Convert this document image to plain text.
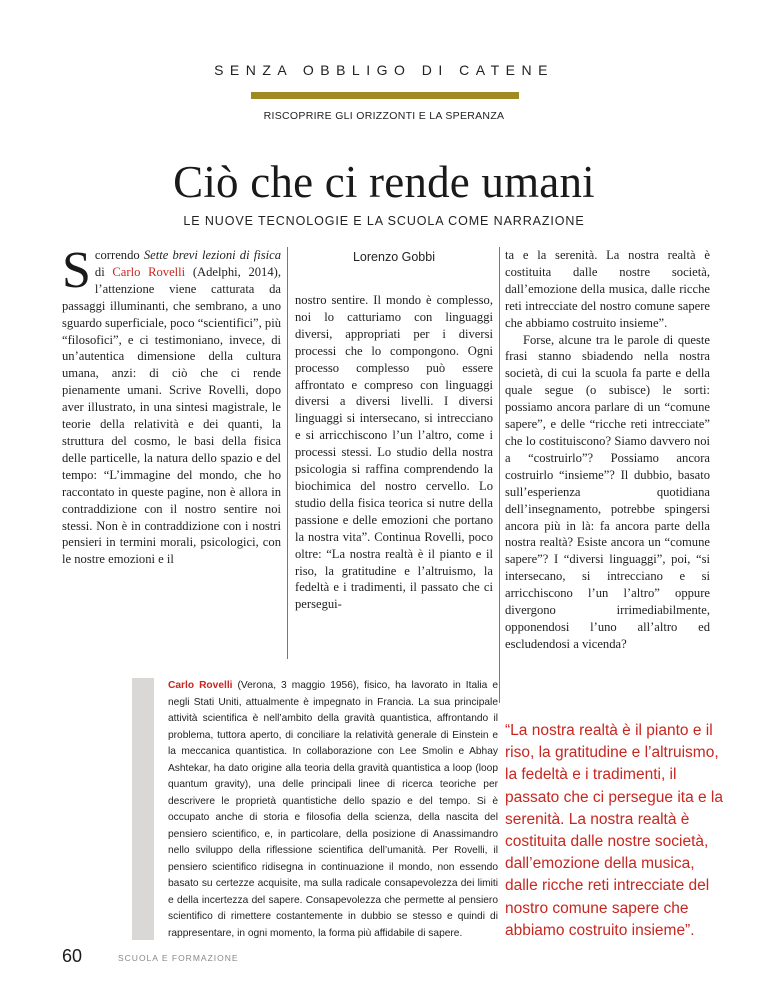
SENZA OBBLIGO DI CATENE
RISCOPRIRE GLI ORIZZONTI E LA SPERANZA
Ciò che ci rende umani
LE NUOVE TECNOLOGIE E LA SCUOLA COME NARRAZIONE
Scorrendo Sette brevi lezioni di fisica di Carlo Rovelli (Adelphi, 2014), l’attenzione viene catturata da passaggi illuminanti, che sembrano, a uno sguardo superficiale, poco “scientifici”, più “filosofici”, e ci testimoniano, invece, di un’autentica dimensione della cultura umana, anzi: di ciò che ci rende pienamente umani. Scrive Rovelli, dopo aver illustrato, in una sintesi magistrale, le teorie della relatività e dei quanti, la struttura del cosmo, le basi della fisica delle particelle, la natura dello spazio e del tempo: “L’immagine del mondo, che ho raccontato in queste pagine, non è allora in contraddizione con il nostro sentire noi stessi. Non è in contraddizione con i nostri pensieri in termini morali, psicologici, con le nostre emozioni e il
Lorenzo Gobbi

nostro sentire. Il mondo è complesso, noi lo catturiamo con linguaggi diversi, appropriati per i diversi processi che lo compongono. Ogni processo complesso può essere affrontato e compreso con linguaggi diversi a diversi livelli. I diversi linguaggi si intersecano, si intrecciano e si arricchiscono l’un l’altro, come i processi stessi. Lo studio della nostra psicologia si raffina comprendendo la biochimica del nostro cervello. Lo studio della fisica teorica si nutre della passione e delle emozioni che portano la nostra vita”. Continua Rovelli, poco oltre: “La nostra realtà è il pianto e il riso, la gratitudine e l’altruismo, la fedeltà e i tradimenti, il passato che ci persegui-

ta e la serenità. La nostra realtà è costituita dalle nostre società, dall’emozione della musica, dalle ricche reti intrecciate del nostro comune sapere che abbiamo costruito insieme”.

Forse, alcune tra le parole di queste frasi stanno sbiadendo nella nostra società, di cui la scuola fa parte e della quale segue (o subisce) le sorti: possiamo ancora parlare di un “comune sapere”, e delle “ricche reti intrecciate” che lo costituiscono? Siamo davvero noi a “costruirlo”? Possiamo ancora costruirlo “insieme”? Il dubbio, basato sull’esperienza quotidiana dell’insegnamento, potrebbe spingersi ancora più in là: fa ancora parte della nostra realtà? Esiste ancora un “comune sapere”? I “diversi linguaggi”, poi, “si intersecano, si intrecciano e si arricchiscono l’un l’altro” oppure divergono irrimediabilmente, opponendosi l’uno all’altro ed escludendosi a vicenda?

Carlo Rovelli (Verona, 3 maggio 1956), fisico, ha lavorato in Italia e negli Stati Uniti, attualmente è impegnato in Francia. La sua principale attività scientifica è nell’ambito della gravità quantistica, affrontando il problema, tuttora aperto, di conciliare la relatività generale di Einstein e la meccanica quantistica. In collaborazione con Lee Smolin e Abhay Ashtekar, ha dato origine alla teoria della gravità quantistica a loop (loop quantum gravity), una delle principali linee di ricerca teoriche per descrivere le proprietà quantistiche dello spazio e del tempo. Si è occupato anche di storia e filosofia della scienza, della nascita del pensiero scientifico, e, in particolare, della posizione di Anassimandro nello sviluppo della riflessione scientifica dell’umanità. Per Rovelli, il pensiero scientifico ridisegna in continuazione il mondo, non essendo basato su certezze acquisite, ma sulla radicale consapevolezza dei limiti e della incertezza del sapere. Consapevolezza che permette al pensiero scientifico di rimettere costantemente in dubbio se stesso e quindi di rappresentare, in ogni momento, la forma più affidabile di sapere.
“La nostra realtà è il pianto e il riso, la gratitudine e l’altruismo, la fedeltà e i tradimenti, il passato che ci persegue ita e la serenità. La nostra realtà è costituita dalle nostre società, dall’emozione della musica, dalle ricche reti intrecciate del nostro comune sapere che abbiamo costruito insieme”.
60	SCUOLA E FORMAZIONE
